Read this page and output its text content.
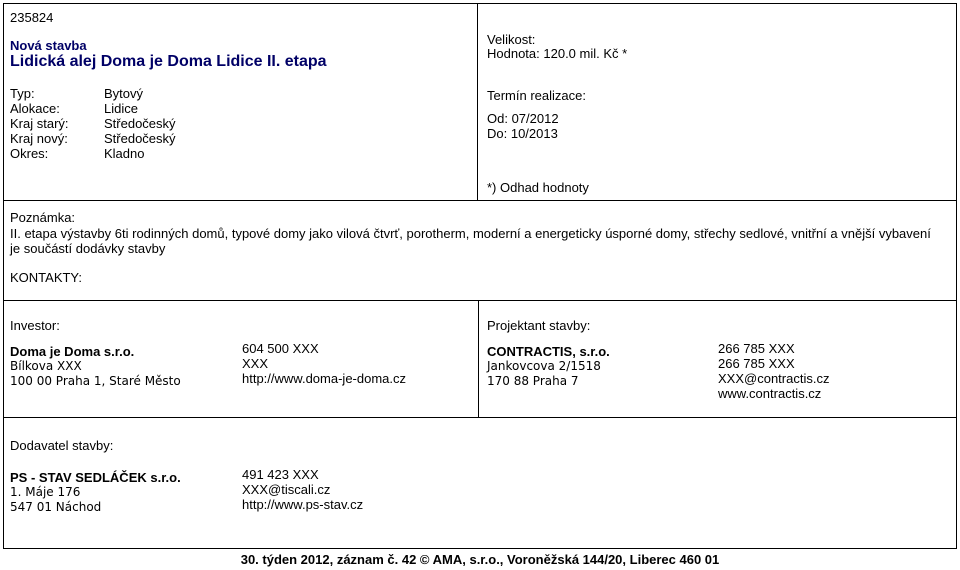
235824
Nová stavba
Lidická alej Doma je Doma Lidice II. etapa
Typ:	Bytový
Alokace:	Lidice
Kraj starý:	Středočeský
Kraj nový:	Středočeský
Okres:	Kladno
Velikost:
Hodnota: 120.0 mil. Kč *
Termín realizace:
Od: 07/2012
Do: 10/2013
*) Odhad hodnoty
Poznámka:
II. etapa výstavby 6ti rodinných domů, typové domy jako vilová čtvrť, porotherm, moderní a energeticky úsporné domy, střechy sedlové, vnitřní a vnější vybavení
je součástí dodávky stavby
KONTAKTY:
Investor:
Doma je Doma s.r.o.
Bílkova XXX
100 00 Praha 1, Staré Město
604 500 XXX
XXX
http://www.doma-je-doma.cz
Projektant stavby:
CONTRACTIS, s.r.o.
Jankovcova 2/1518
170 88 Praha 7
266 785 XXX
266 785 XXX
XXX@contractis.cz
www.contractis.cz
Dodavatel stavby:
PS - STAV SEDLÁČEK s.r.o.
1. Máje 176
547 01 Náchod
491 423 XXX
XXX@tiscali.cz
http://www.ps-stav.cz
30. týden 2012, záznam č. 42 © AMA, s.r.o., Voroněžská 144/20, Liberec 460 01
